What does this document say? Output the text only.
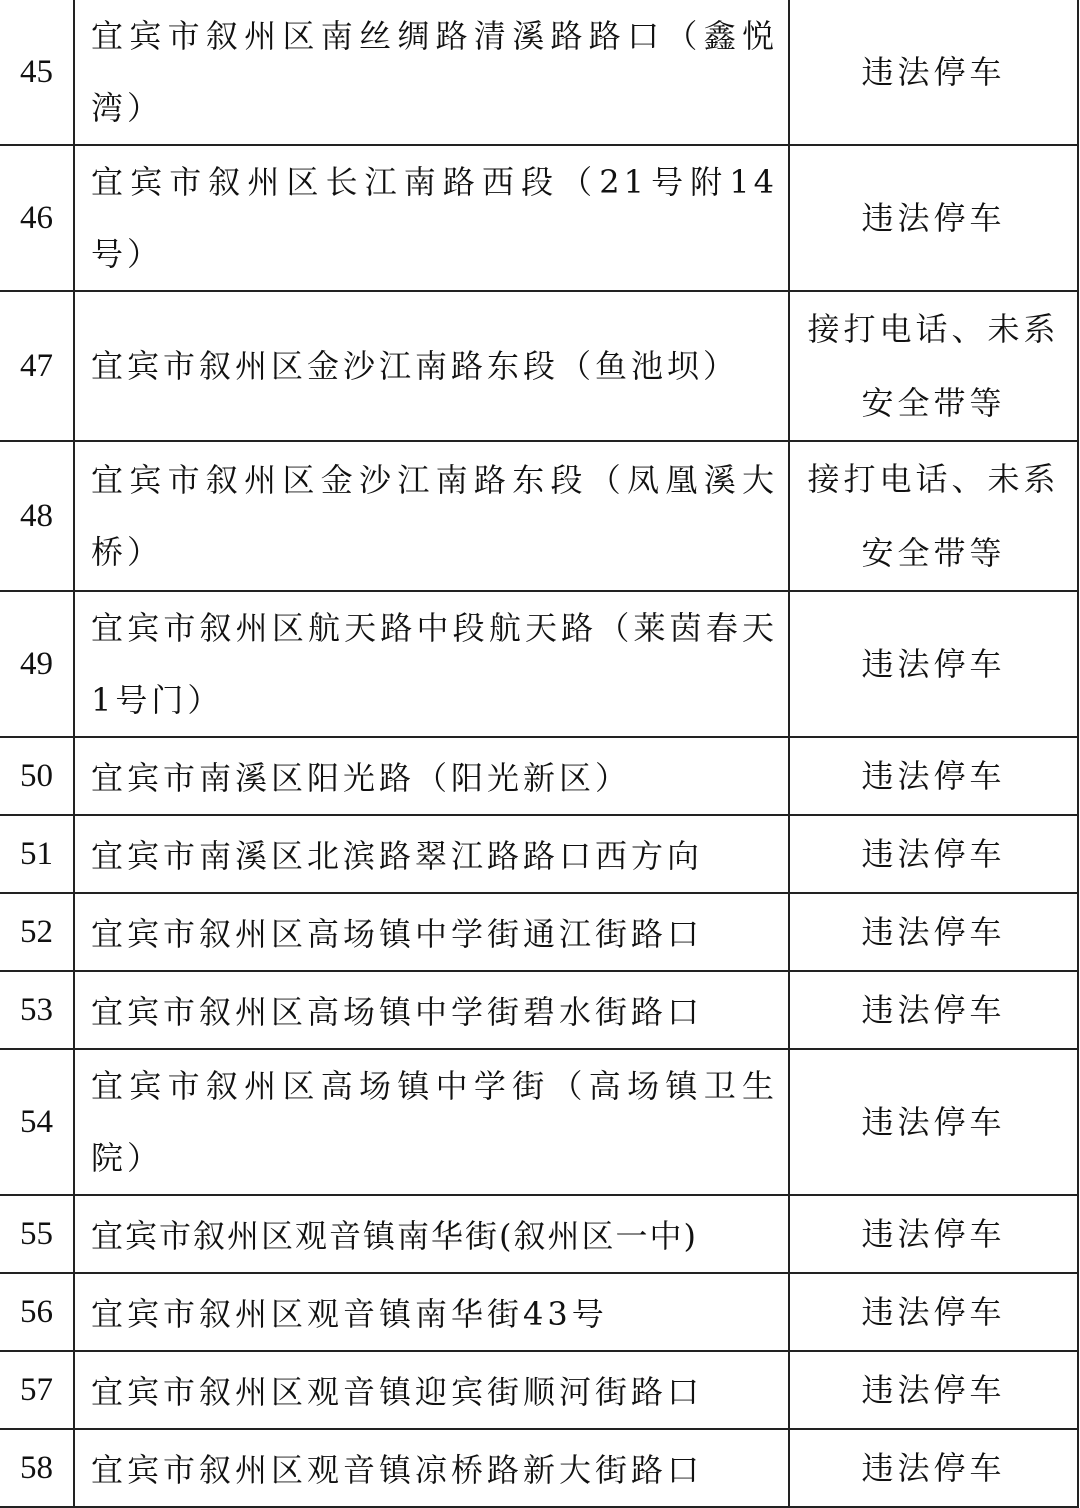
45	宜宾市叙州区南丝绸路清溪路路口（鑫悦湾）	违法停车
46	宜宾市叙州区长江南路西段（21号附14号）	违法停车
47	宜宾市叙州区金沙江南路东段（鱼池坝）	接打电话、未系安全带等
48	宜宾市叙州区金沙江南路东段（凤凰溪大桥）	接打电话、未系安全带等
49	宜宾市叙州区航天路中段航天路（莱茵春天1号门）	违法停车
50	宜宾市南溪区阳光路（阳光新区）	违法停车
51	宜宾市南溪区北滨路翠江路路口西方向	违法停车
52	宜宾市叙州区高场镇中学街通江街路口	违法停车
53	宜宾市叙州区高场镇中学街碧水街路口	违法停车
54	宜宾市叙州区高场镇中学街（高场镇卫生院）	违法停车
55	宜宾市叙州区观音镇南华街(叙州区一中)	违法停车
56	宜宾市叙州区观音镇南华街43号	违法停车
57	宜宾市叙州区观音镇迎宾街顺河街路口	违法停车
58	宜宾市叙州区观音镇凉桥路新大街路口	违法停车
